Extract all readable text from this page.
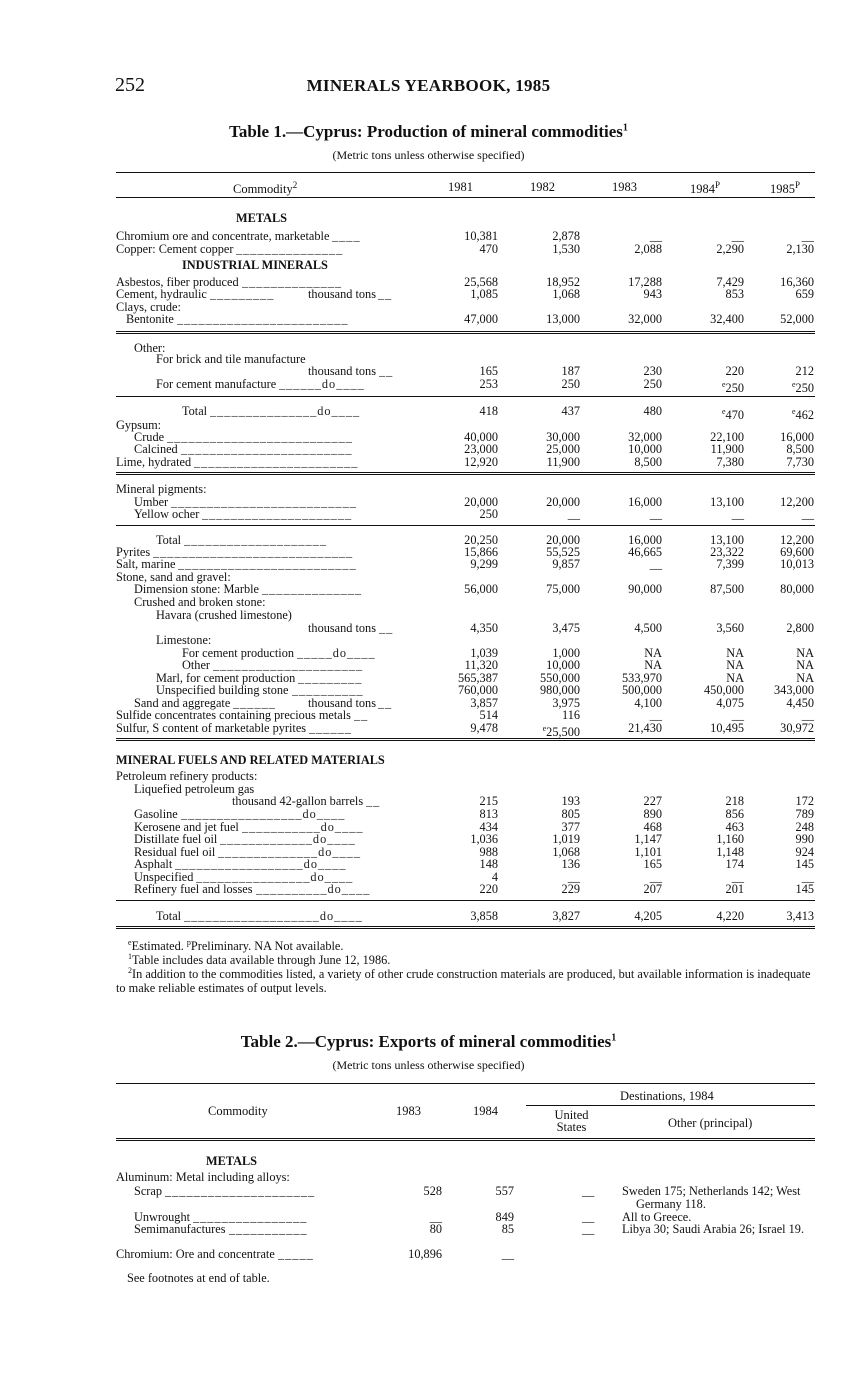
252	MINERALS YEARBOOK, 1985
Table 1.—Cyprus: Production of mineral commodities$^1$
(Metric tons unless otherwise specified)
Commodity$^2$	1981	1982	1983	$1984^P$	$1985^P$
METALS
Chromium ore and concentrate, marketable ____	10,381	2,878	__	__	__
Copper: Cement copper _______________	470	1,530	2,088	2,290	2,130
INDUSTRIAL MINERALS
Asbestos, fiber produced ______________	25,568	18,952	17,288	7,429	16,360
Cement, hydraulic _________	thousand tons __	1,085	1,068	943	853	659
Clays, crude:
Bentonite ________________________	47,000	13,000	32,000	32,400	52,000
Other:
For brick and tile manufacture
thousand tons __	165	187	230	220	212
For cement manufacture ______do____	253	250	250	$^e$250	$^e$250
Total _______________do____	418	437	480	$^e$470	$^e$462
Gypsum:
Crude __________________________	40,000	30,000	32,000	22,100	16,000
Calcined ________________________	23,000	25,000	10,000	11,900	8,500
Lime, hydrated _______________________	12,920	11,900	8,500	7,380	7,730
Mineral pigments:
Umber __________________________	20,000	20,000	16,000	13,100	12,200
Yellow ocher _____________________	250	__	__	__	__
Total ____________________	20,250	20,000	16,000	13,100	12,200
Pyrites ____________________________	15,866	55,525	46,665	23,322	69,600
Salt, marine _________________________	9,299	9,857	__	7,399	10,013
Stone, sand and gravel:
Dimension stone: Marble ______________	56,000	75,000	90,000	87,500	80,000
Crushed and broken stone:
Havara (crushed limestone)
thousand tons __	4,350	3,475	4,500	3,560	2,800
Limestone:
For cement production _____do____	1,039	1,000	NA	NA	NA
Other _____________________	11,320	10,000	NA	NA	NA
Marl, for cement production _________	565,387	550,000	533,970	NA	NA
Unspecified building stone __________	760,000	980,000	500,000	450,000	343,000
Sand and aggregate ______	thousand tons __	3,857	3,975	4,100	4,075	4,450
Sulfide concentrates containing precious metals __	514	116	__	__	__
Sulfur, S content of marketable pyrites ______	9,478	$^e$25,500	21,430	10,495	30,972
MINERAL FUELS AND RELATED MATERIALS
Petroleum refinery products:
Liquefied petroleum gas
thousand 42-gallon barrels __	215	193	227	218	172
Gasoline _________________do____	813	805	890	856	789
Kerosene and jet fuel ___________do____	434	377	468	463	248
Distillate fuel oil _____________do____	1,036	1,019	1,147	1,160	990
Residual fuel oil ______________do____	988	1,068	1,101	1,148	924
Asphalt __________________do____	148	136	165	174	145
Unspecified ________________do____	4	__	__	__	__
Refinery fuel and losses __________do____	220	229	207	201	145
Total ___________________do____	3,858	3,827	4,205	4,220	3,413
$^e$Estimated. $^p$Preliminary. NA Not available.
$^1$Table includes data available through June 12, 1986.
$^2$In addition to the commodities listed, a variety of other crude construction materials are produced, but available information is inadequate to make reliable estimates of output levels.
Table 2.—Cyprus: Exports of mineral commodities$^1$
(Metric tons unless otherwise specified)
Commodity	1983	1984
Destinations, 1984
United States	Other (principal)
METALS
Aluminum: Metal including alloys:
Scrap _____________________	528	557	__	Sweden 175; Netherlands 142; West Germany 118.
Unwrought ________________	__	849	__	All to Greece.
Semimanufactures ___________	80	85	__	Libya 30; Saudi Arabia 26; Israel 19.
Chromium: Ore and concentrate _____	10,896	__
See footnotes at end of table.
